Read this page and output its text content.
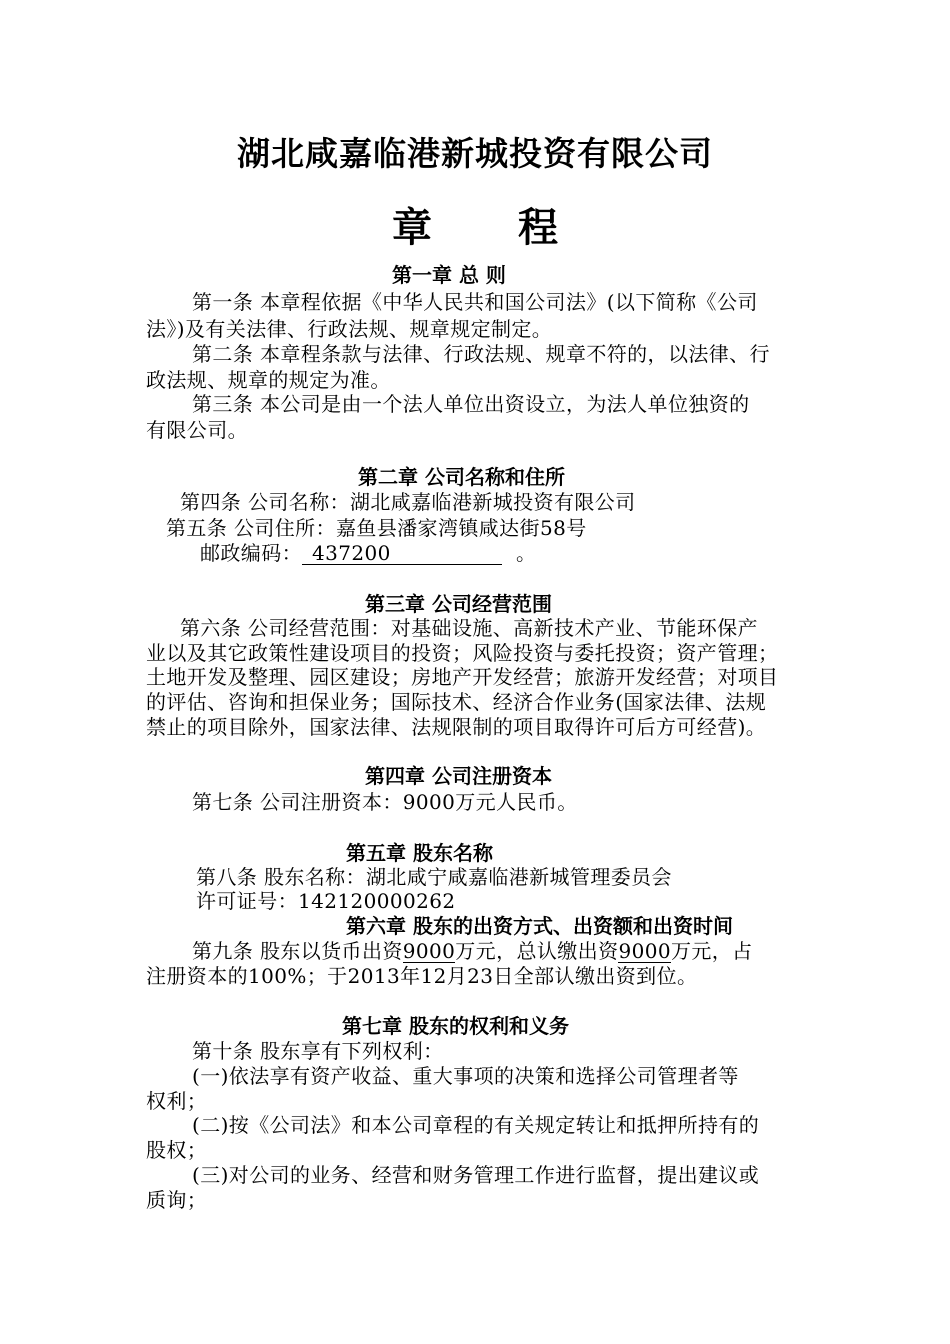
湖北咸嘉临港新城投资有限公司
章 程
第一章 总 则
第一条 本章程依据《中华人民共和国公司法》(以下简称《公司
法》)及有关法律、行政法规、规章规定制定。
第二条 本章程条款与法律、行政法规、规章不符的，以法律、行
政法规、规章的规定为准。
第三条 本公司是由一个法人单位出资设立，为法人单位独资的
有限公司。
第二章 公司名称和住所
第四条 公司名称：湖北咸嘉临港新城投资有限公司
第五条 公司住所：嘉鱼县潘家湾镇咸达街58号
邮政编码： 437200	。
第三章 公司经营范围
第六条 公司经营范围：对基础设施、高新技术产业、节能环保产
业以及其它政策性建设项目的投资；风险投资与委托投资；资产管理；
土地开发及整理、园区建设；房地产开发经营；旅游开发经营；对项目
的评估、咨询和担保业务；国际技术、经济合作业务(国家法律、法规
禁止的项目除外，国家法律、法规限制的项目取得许可后方可经营)。
第四章 公司注册资本
第七条 公司注册资本：9000万元人民币。
第五章 股东名称
第八条 股东名称：湖北咸宁咸嘉临港新城管理委员会
许可证号：142120000262
第六章 股东的出资方式、出资额和出资时间
第九条 股东以货币出资9000万元，总认缴出资9000万元，占
注册资本的100%；于2013年12月23日全部认缴出资到位。
第七章 股东的权利和义务
第十条 股东享有下列权利：
(一)依法享有资产收益、重大事项的决策和选择公司管理者等
权利；
(二)按《公司法》和本公司章程的有关规定转让和抵押所持有的
股权；
(三)对公司的业务、经营和财务管理工作进行监督，提出建议或
质询；
